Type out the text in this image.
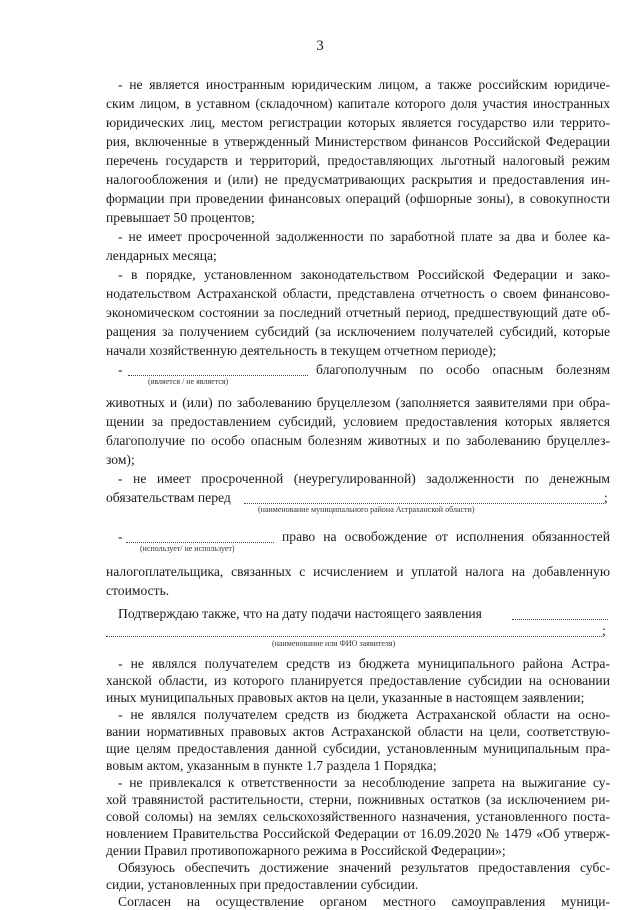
3
- не является иностранным юридическим лицом, а также российским юридиче-
ским лицом, в уставном (складочном) капитале которого доля участия иностранных
юридических лиц, местом регистрации которых является государство или террито-
рия, включенные в утвержденный Министерством финансов Российской Федерации
перечень государств и территорий, предоставляющих льготный налоговый режим
налогообложения и (или) не предусматривающих раскрытия и предоставления ин-
формации при проведении финансовых операций (офшорные зоны), в совокупности
превышает 50 процентов;
- не имеет просроченной задолженности по заработной плате за два и более ка-
лендарных месяца;
- в порядке, установленном законодательством Российской Федерации и зако-
нодательством Астраханской области, представлена отчетность о своем финансово-
экономическом состоянии за последний отчетный период, предшествующий дате об-
ращения за получением субсидий (за исключением получателей субсидий, которые
начали хозяйственную деятельность в текущем отчетном периоде);
-	благополучным по особо опасным болезням
(является / не является)
животных и (или) по заболеванию бруцеллезом (заполняется заявителями при обра-
щении за предоставлением субсидий, условием предоставления которых является
благополучие по особо опасным болезням животных и по заболеванию бруцеллез-
зом);
- не имеет просроченной (неурегулированной) задолженности по денежным
обязательствам перед	;
(наименование муниципального района Астраханской области)
-	право на освобождение от исполнения обязанностей
(использует/ не использует)
налогоплательщика, связанных с исчислением и уплатой налога на добавленную
стоимость.
Подтверждаю также, что на дату подачи настоящего заявления
;
(наименование или ФИО заявителя)
- не являлся получателем средств из бюджета муниципального района Астра-
ханской области, из которого планируется предоставление субсидии на основании
иных муниципальных правовых актов на цели, указанные в настоящем заявлении;
- не являлся получателем средств из бюджета Астраханской области на осно-
вании нормативных правовых актов Астраханской области на цели, соответствую-
щие целям предоставления данной субсидии, установленным муниципальным пра-
вовым актом, указанным в пункте 1.7 раздела 1 Порядка;
- не привлекался к ответственности за несоблюдение запрета на выжигание су-
хой травянистой растительности, стерни, пожнивных остатков (за исключением ри-
совой соломы) на землях сельскохозяйственного назначения, установленного поста-
новлением Правительства Российской Федерации от 16.09.2020 № 1479 «Об утверж-
дении Правил противопожарного режима в Российской Федерации»;
Обязуюсь обеспечить достижение значений результатов предоставления субс-
сидии, установленных при предоставлении субсидии.
Согласен на осуществление органом местного самоуправления муници-
